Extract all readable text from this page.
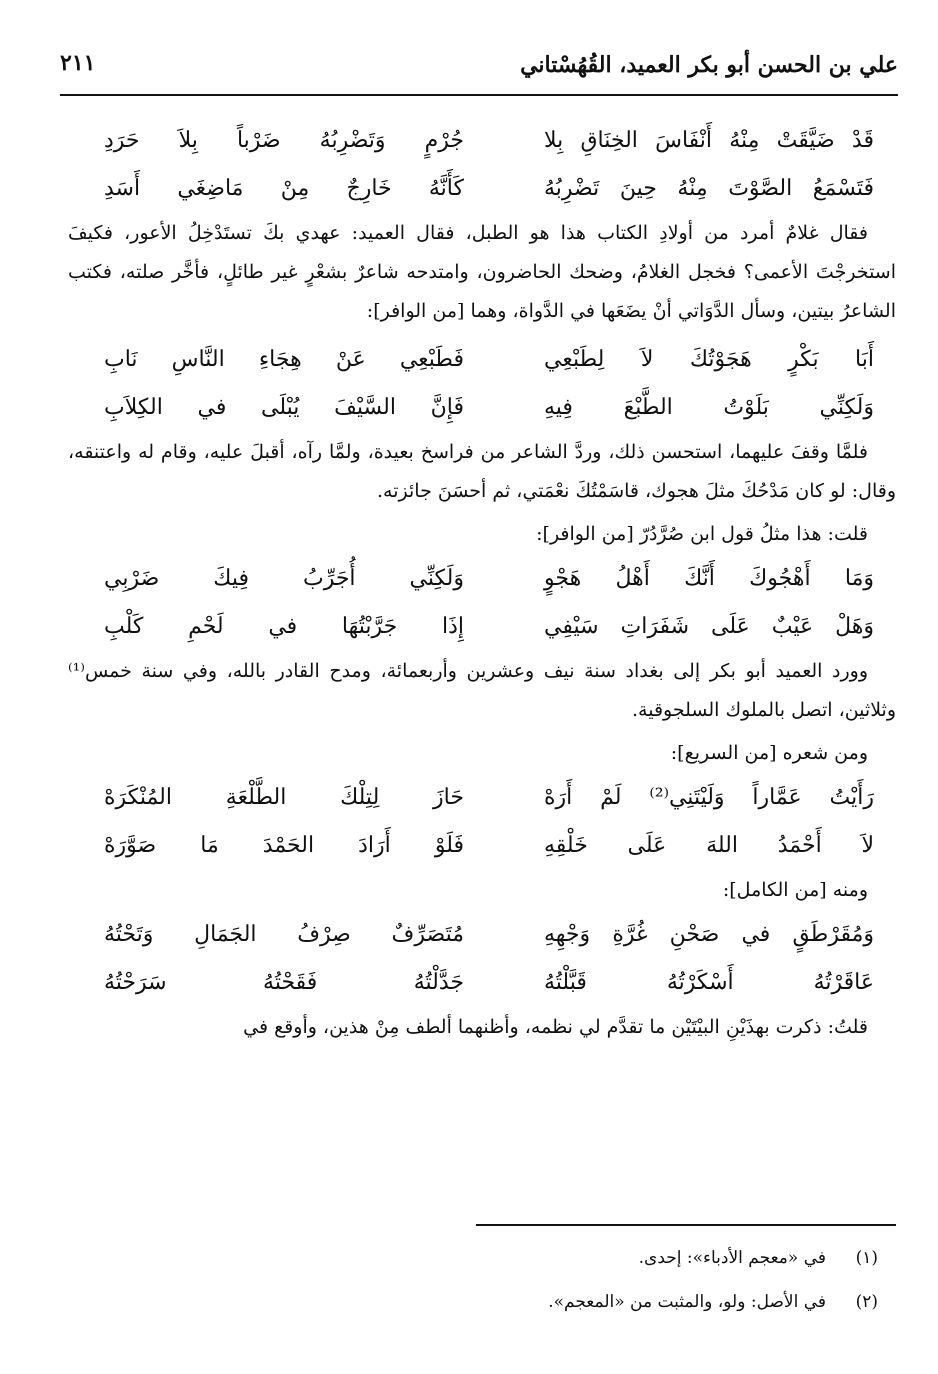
علي بن الحسن أبو بكر العميد، القُهُسْتاني
٢١١
قَدْ ضَيَّقَتْ مِنْهُ أَنْفَاسَ الخِنَاقِ بِلا
جُرْمٍ وَتَضْرِبُهُ ضَرْباً بِلاَ حَرَدِ
فَتَسْمَعُ الصَّوْتَ مِنْهُ حِينَ تَضْرِبُهُ
كَأَنَّهُ خَارِجٌ مِنْ مَاضِغَي أَسَدِ

فقال غلامٌ أمرد من أولادِ الكتاب هذا هو الطبل، فقال العميد: عهدي بكَ تستَدْخِلُ الأعور، فكيفَ استخرجْتَ الأعمى؟ فخجل الغلامُ، وضحك الحاضرون، وامتدحه شاعرٌ بشعْرٍ غير طائلٍ، فأخَّر صلته، فكتب الشاعرُ بيتين، وسأل الدَّوَاتي أنْ يضَعَها في الدَّواة، وهما [من الوافر]:

أَبَا بَكْرٍ هَجَوْتُكَ لاَ لِطَبْعِي
فَطَبْعِي عَنْ هِجَاءِ النَّاسِ نَابِ
وَلَكِنِّي بَلَوْتُ الطَّبْعَ فِيهِ
فَإِنَّ السَّيْفَ يُبْلَى في الكِلاَبِ

فلمَّا وقفَ عليهما، استحسن ذلك، وردَّ الشاعر من فراسخ بعيدة، ولمَّا رآه، أقبلَ عليه، وقام له واعتنقه، وقال: لو كان مَدْحُكَ مثلَ هجوك، قاسَمْتُكَ نعْمَتي، ثم أحسَنَ جائزته.

قلت: هذا مثلُ قول ابن صُرَّدُرّ [من الوافر]:

وَمَا أَهْجُوكَ أَنَّكَ أَهْلُ هَجْوٍ
وَلَكِنِّي أُجَرِّبُ فِيكَ ضَرْبِي
وَهَلْ عَيْبٌ عَلَى شَفَرَاتِ سَيْفِي
إِذَا جَرَّبْتُهَا في لَحْمِ كَلْبِ

وورد العميد أبو بكر إلى بغداد سنة نيف وعشرين وأربعمائة، ومدح القادر بالله، وفي سنة خمس⁽¹⁾ وثلاثين، اتصل بالملوك السلجوقية.

ومن شعره [من السريع]:

رَأَيْتُ عَمَّاراً وَلَيْتَنِي⁽²⁾ لَمْ أَرَهْ
حَازَ لِتِلْكَ الطَّلْعَةِ المُنْكَرَهْ
لاَ أَحْمَدُ اللهَ عَلَى خَلْقِهِ
فَلَوْ أَرَادَ الحَمْدَ مَا صَوَّرَهْ

ومنه [من الكامل]:

وَمُقَرْطَقٍ في صَحْنِ غُرَّةِ وَجْهِهِ
مُتَصَرِّفٌ صِرْفُ الجَمَالِ وَتَحْتُهُ
عَاقَرْتُهُ أَسْكَرْتُهُ قَبَّلْتُهُ
جَدَّلْتُهُ فَقَحْتُهُ سَرَحْتُهُ

قلتُ: ذكرت بهذَيْنِ البيْتَيْن ما تقدَّم لي نظمه، وأظنهما ألطف مِنْ هذين، وأوقع في

(١)
في «معجم الأدباء»: إحدى.
(٢)
في الأصل: ولو، والمثبت من «المعجم».
